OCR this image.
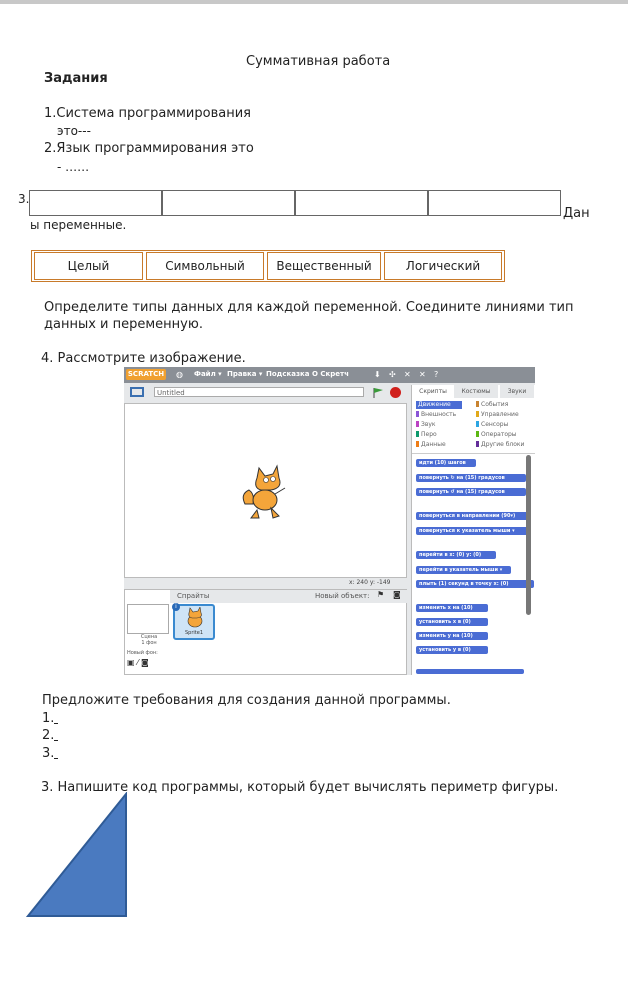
Суммативная работа
Задания
1.Система программирования
это---
2.Язык программирования это
- ……
3.
Дан
ы переменные.
Целый	Символьный	Вещественный	Логический
Определите типы данных для каждой переменной. Соедините линиями тип
данных и переменную.
4. Рассмотрите изображение.
SCRATCH ◍ Файл ▾ Правка ▾ Подсказка О Скретч	⬇ ✣ ✕ ✕ ?
Untitled
x: 240 y: -149
Спрайты	Новый объект: ⚑ ◙
Сцена
1 фон
Новый фон:
▣ ⁄ ◙
Sprite1
i
Скрипты	Костюмы	Звуки
Движение
Внешность
Звук
Перо
Данные
События
Управление
Сенсоры
Операторы
Другие блоки
идти (10) шагов
повернуть ↻ на (15) градусов
повернуть ↺ на (15) градусов
повернуться в направлении (90▾)
повернуться к указатель мыши ▾
перейти в x: (0) y: (0)
перейти в указатель мыши ▾
плыть (1) секунд в точку x: (0)
изменить х на (10)
установить х в (0)
изменить у на (10)
установить у в (0)
Предложите требования для создания данной программы.
1.
2.
3.
3. Напишите код программы, который будет вычислять периметр фигуры.
